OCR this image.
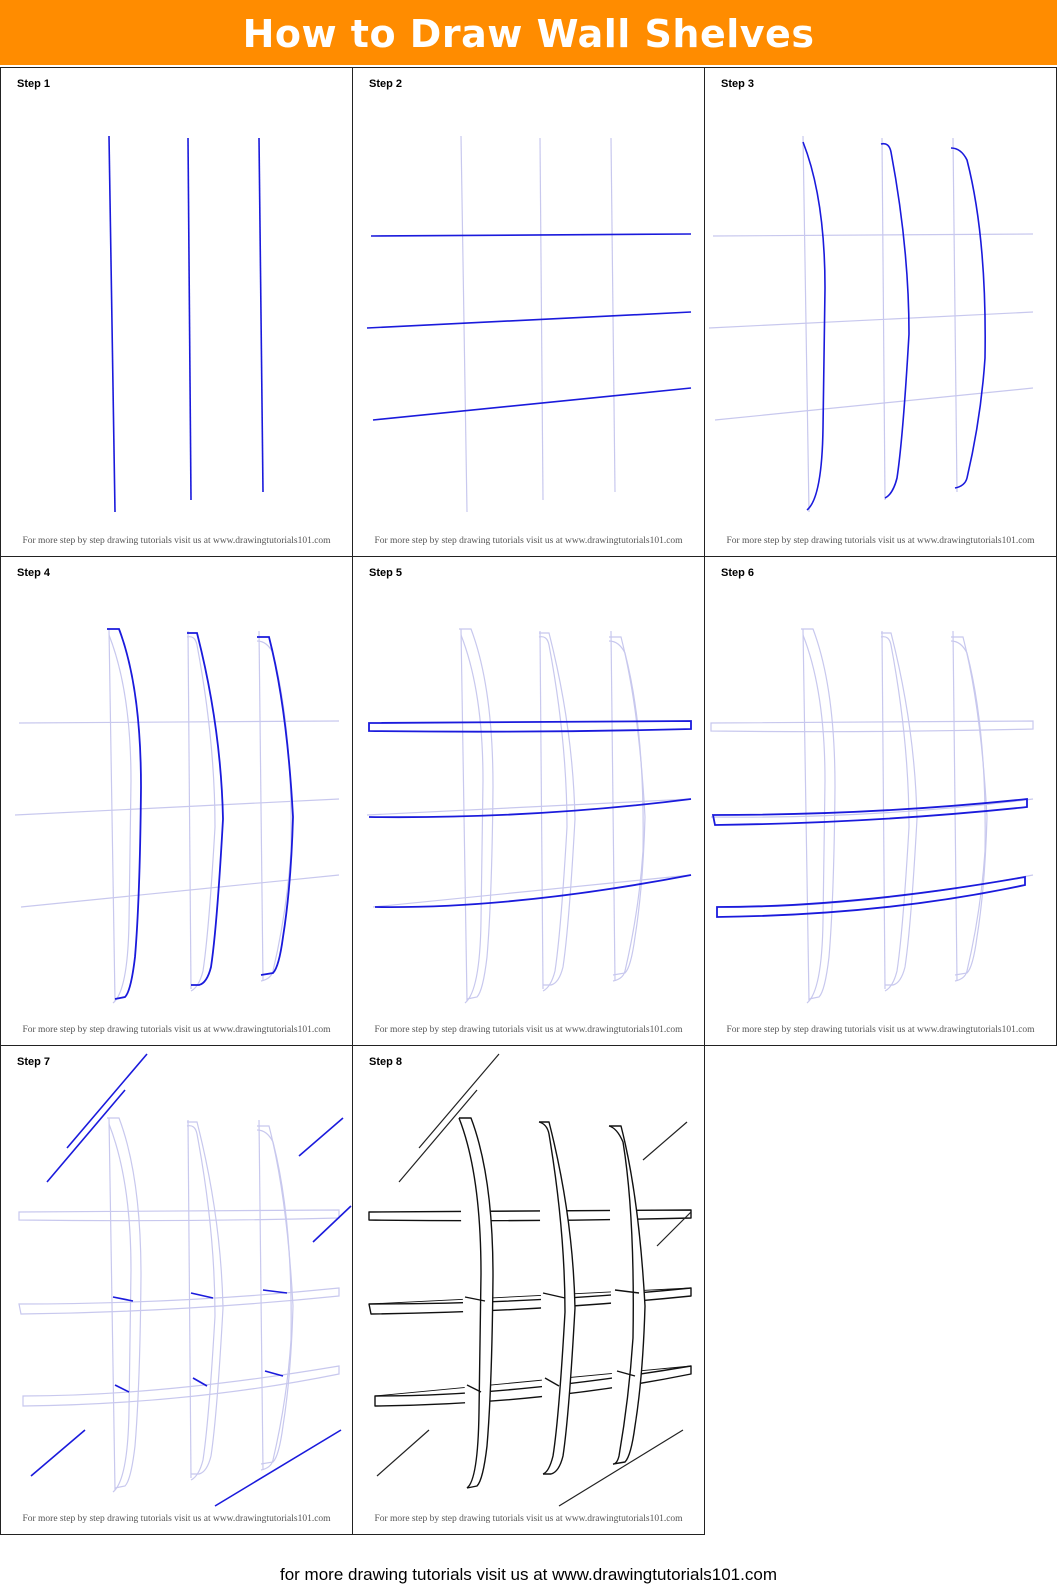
How to Draw Wall Shelves
Step 1
For more step by step drawing tutorials visit us at www.drawingtutorials101.com
Step 2
For more step by step drawing tutorials visit us at www.drawingtutorials101.com
Step 3
For more step by step drawing tutorials visit us at www.drawingtutorials101.com
Step 4
For more step by step drawing tutorials visit us at www.drawingtutorials101.com
Step 5
For more step by step drawing tutorials visit us at www.drawingtutorials101.com
Step 6
For more step by step drawing tutorials visit us at www.drawingtutorials101.com
Step 7
For more step by step drawing tutorials visit us at www.drawingtutorials101.com
Step 8
For more step by step drawing tutorials visit us at www.drawingtutorials101.com
for more drawing tutorials visit us at www.drawingtutorials101.com
